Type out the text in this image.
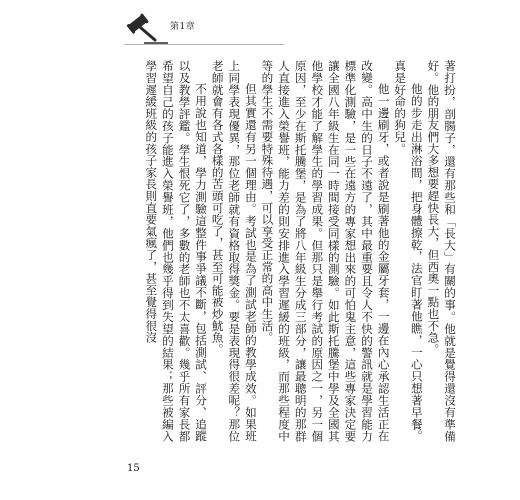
第1章

著打扮，剖腸子，還有那些和「長大」有關的事。他就是覺得還沒有準備好。他的朋友們大多想要趕快長大，但西奧一點也不急。

他的步走出淋浴間，把身體擦乾，法官盯著他瞧，一心只想著早餐。真是好命的狗兒。

他一邊刷牙，或者說是刷著他的金屬牙套，一邊在內心承認生活正在改變。高中生的日子不遠了，其中最重要且令人不快的警訊就是學習能力標準化測驗，是一些在遠方的專家想出來的可怕鬼主意，這些專家決定要讓全國八年級生在同一時間接受同樣的測驗。如此斯托騰堡中學及全國其他學校才能了解學生的學習成果。但那只是舉行考試的原因之一，另一個原因，至少在斯托騰堡，是為了將八年級生分成三部分，讓最聰明的那群人直接進入榮譽班，能力差的則安排進入學習遲緩的班級，而那些程度中等的學生不需要特殊待遇，可以享受正常的高中生活。

但其實還有另一個理由。考試也是為了測試老師的教學成效。如果班上同學表現優異，那位老師就有資格取得獎金。要是表現得很差呢？那位老師就會有各式各樣的苦頭可吃了，甚至可能被炒魷魚。

不用說也知道，學力測驗這整件事爭議不斷，包括測試、評分、追蹤以及教學評鑑。學生恨死它了，多數的老師也不太喜歡。幾乎所有家長都希望自己的孩子能進入榮譽班，他們也幾乎得到失望的結果；那些被編入學習遲緩班級的孩子家長則直要氣瘋了，甚至覺得很沒

15
